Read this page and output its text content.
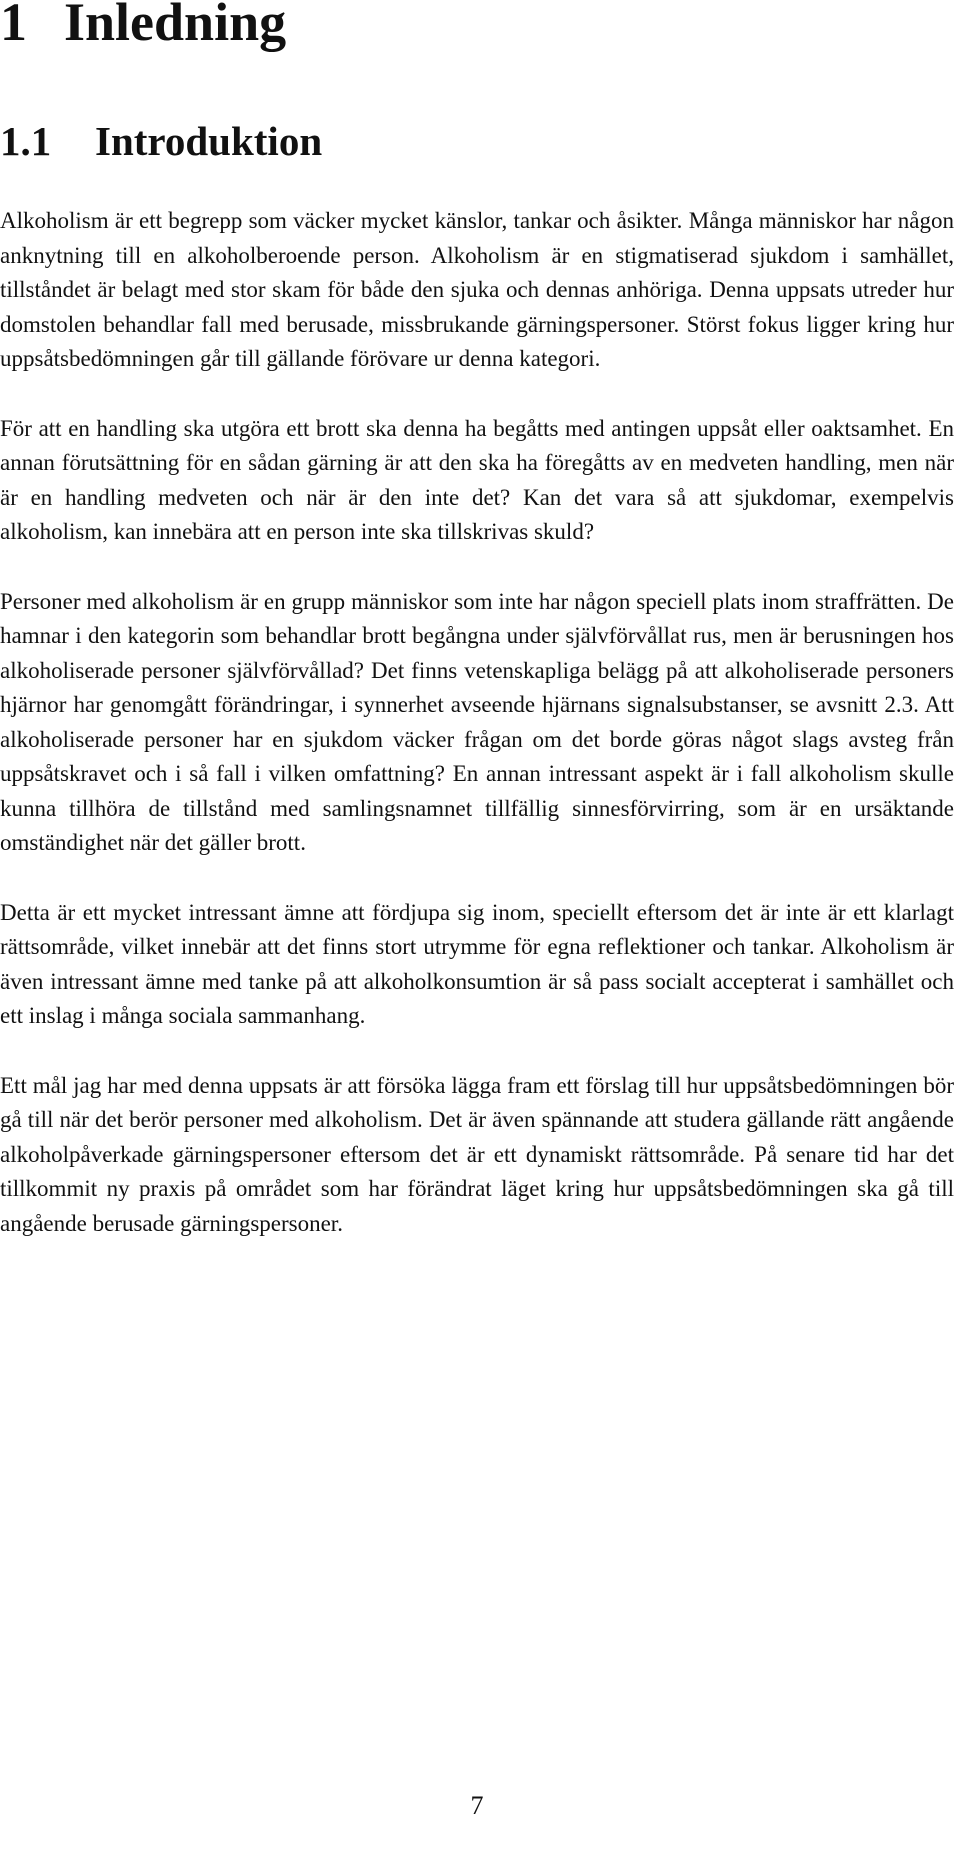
1 Inledning
1.1 Introduktion

Alkoholism är ett begrepp som väcker mycket känslor, tankar och åsikter. Många människor har någon anknytning till en alkoholberoende person. Alkoholism är en stigmatiserad sjukdom i samhället, tillståndet är belagt med stor skam för både den sjuka och dennas anhöriga. Denna uppsats utreder hur domstolen behandlar fall med berusade, missbrukande gärningspersoner. Störst fokus ligger kring hur uppsåtsbedömningen går till gällande förövare ur denna kategori.

För att en handling ska utgöra ett brott ska denna ha begåtts med antingen uppsåt eller oaktsamhet. En annan förutsättning för en sådan gärning är att den ska ha föregåtts av en medveten handling, men när är en handling medveten och när är den inte det? Kan det vara så att sjukdomar, exempelvis alkoholism, kan innebära att en person inte ska tillskrivas skuld?

Personer med alkoholism är en grupp människor som inte har någon speciell plats inom straffrätten. De hamnar i den kategorin som behandlar brott begångna under självförvållat rus, men är berusningen hos alkoholiserade personer självförvållad? Det finns vetenskapliga belägg på att alkoholiserade personers hjärnor har genomgått förändringar, i synnerhet avseende hjärnans signalsubstanser, se avsnitt 2.3. Att alkoholiserade personer har en sjukdom väcker frågan om det borde göras något slags avsteg från uppsåtskravet och i så fall i vilken omfattning? En annan intressant aspekt är i fall alkoholism skulle kunna tillhöra de tillstånd med samlingsnamnet tillfällig sinnesförvirring, som är en ursäktande omständighet när det gäller brott.

Detta är ett mycket intressant ämne att fördjupa sig inom, speciellt eftersom det är inte är ett klarlagt rättsområde, vilket innebär att det finns stort utrymme för egna reflektioner och tankar. Alkoholism är även intressant ämne med tanke på att alkoholkonsumtion är så pass socialt accepterat i samhället och ett inslag i många sociala sammanhang.

Ett mål jag har med denna uppsats är att försöka lägga fram ett förslag till hur uppsåtsbedömningen bör gå till när det berör personer med alkoholism. Det är även spännande att studera gällande rätt angående alkoholpåverkade gärningspersoner eftersom det är ett dynamiskt rättsområde. På senare tid har det tillkommit ny praxis på området som har förändrat läget kring hur uppsåtsbedömningen ska gå till angående berusade gärningspersoner.

7
